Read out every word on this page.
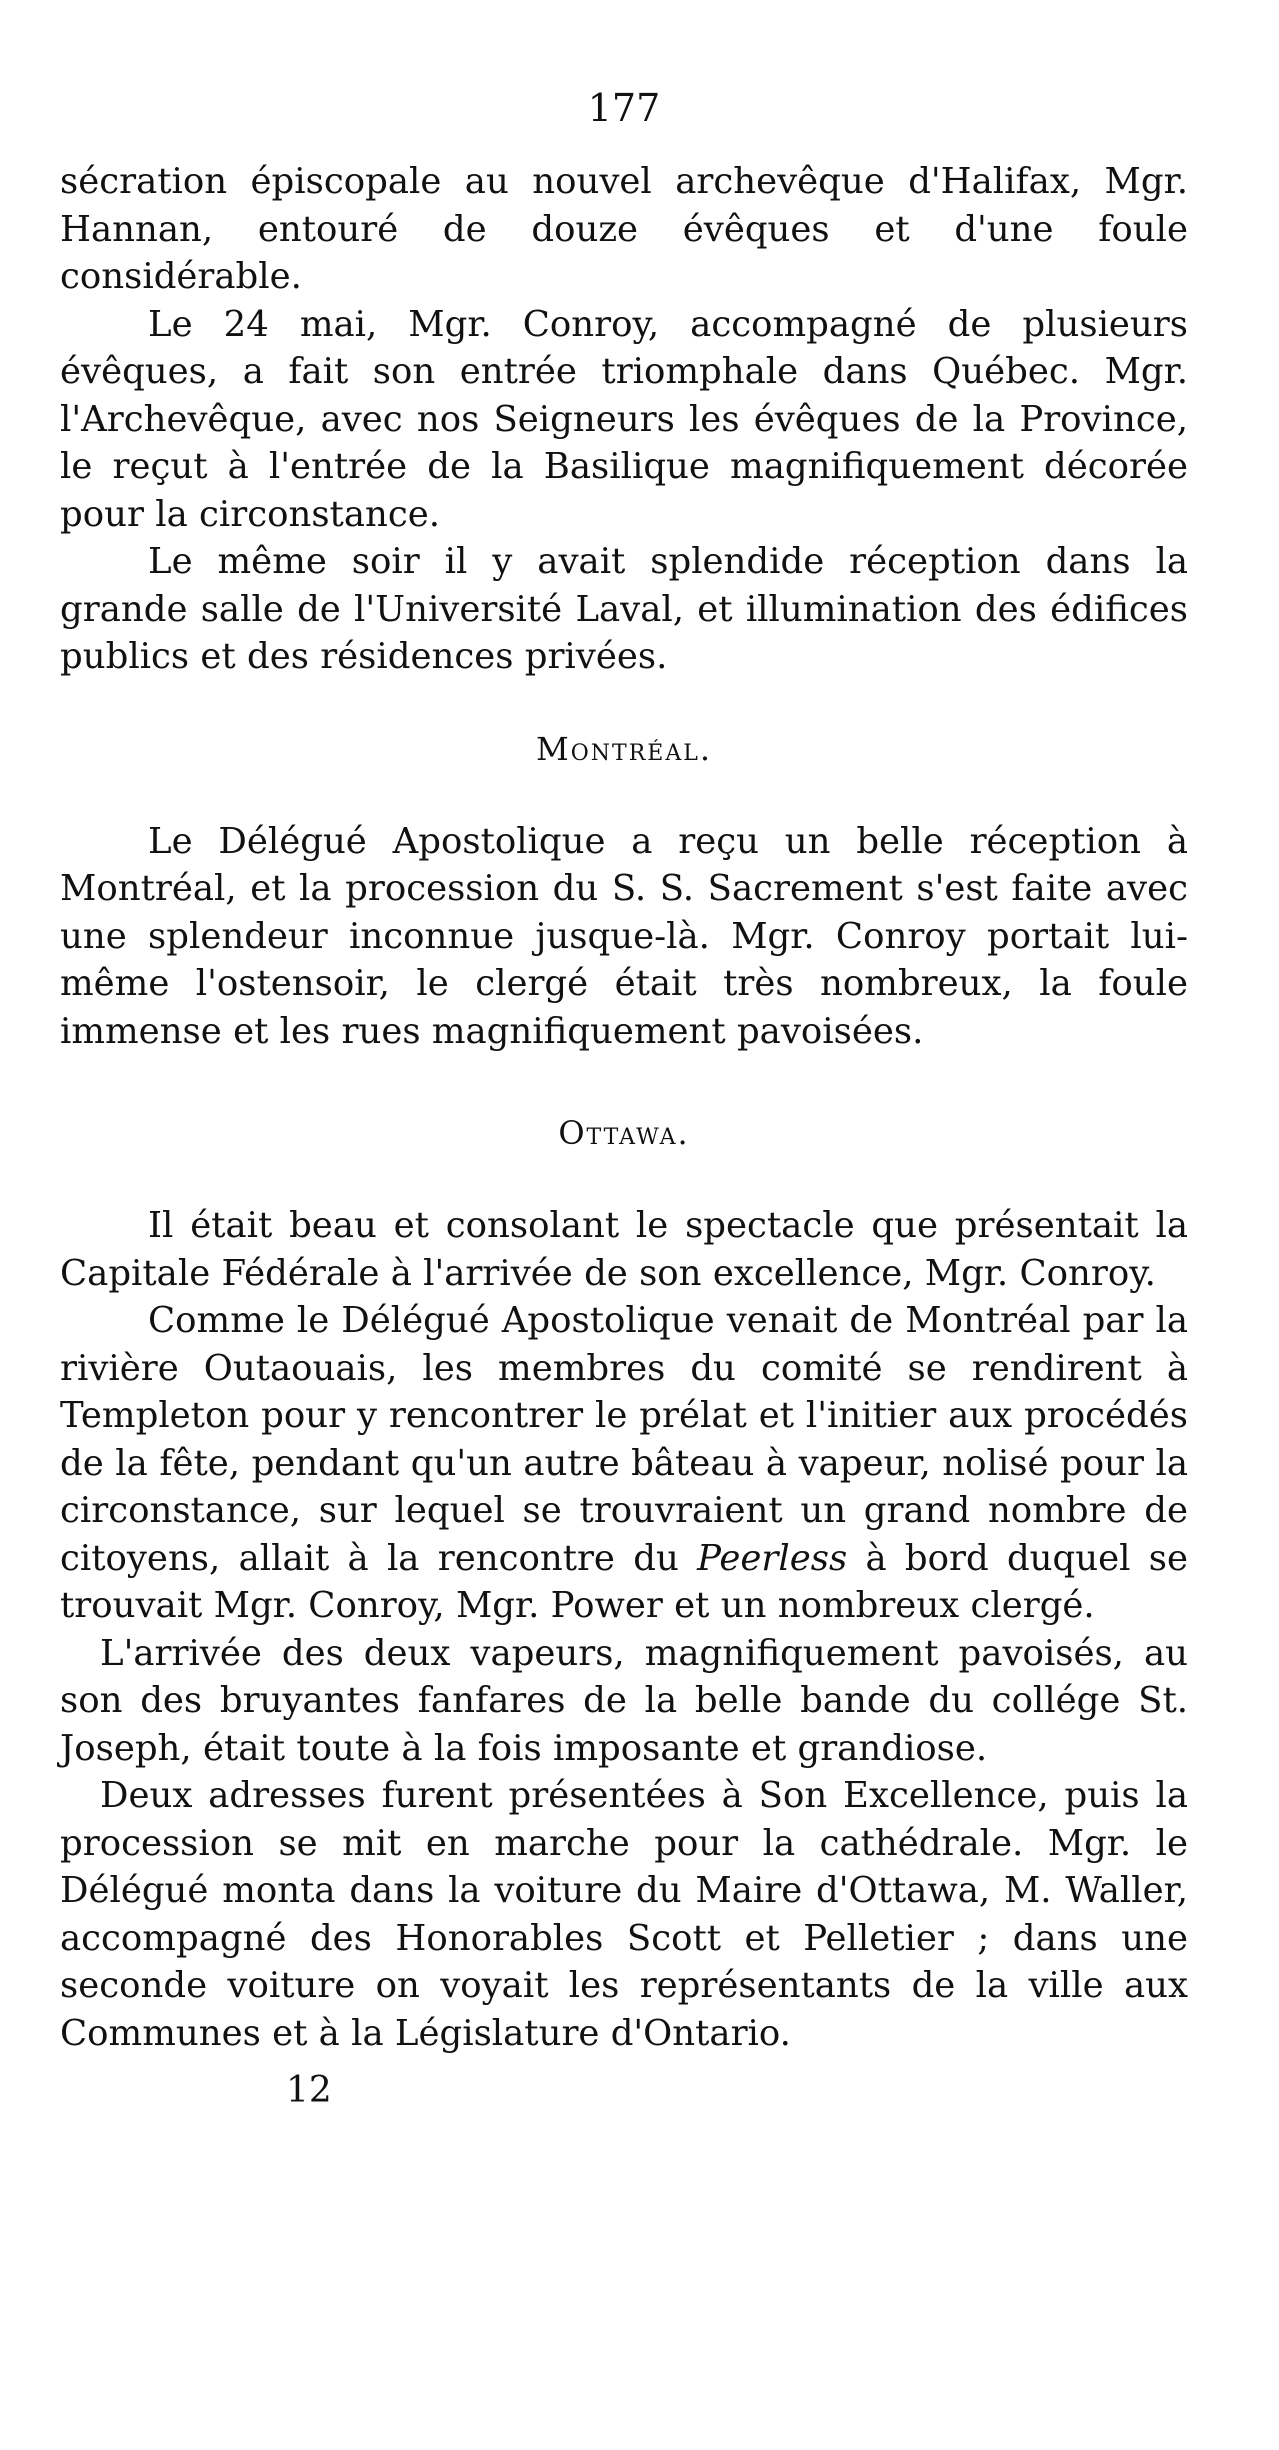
177

sécration épiscopale au nouvel archevêque d'Halifax, Mgr. Hannan, entouré de douze évêques et d'une foule considérable.

Le 24 mai, Mgr. Conroy, accompagné de plusieurs évêques, a fait son entrée triomphale dans Québec. Mgr. l'Archevêque, avec nos Seigneurs les évêques de la Province, le reçut à l'entrée de la Basilique magnifiquement décorée pour la circonstance.

Le même soir il y avait splendide réception dans la grande salle de l'Université Laval, et illumination des édifices publics et des résidences privées.

Montréal.

Le Délégué Apostolique a reçu un belle réception à Montréal, et la procession du S. S. Sacrement s'est faite avec une splendeur inconnue jusque-là. Mgr. Conroy portait lui-même l'ostensoir, le clergé était très nombreux, la foule immense et les rues magnifiquement pavoisées.

Ottawa.

Il était beau et consolant le spectacle que présentait la Capitale Fédérale à l'arrivée de son excellence, Mgr. Conroy.

Comme le Délégué Apostolique venait de Montréal par la rivière Outaouais, les membres du comité se rendirent à Templeton pour y rencontrer le prélat et l'initier aux procédés de la fête, pendant qu'un autre bâteau à vapeur, nolisé pour la circonstance, sur lequel se trouvraient un grand nombre de citoyens, allait à la rencontre du Peerless à bord duquel se trouvait Mgr. Conroy, Mgr. Power et un nombreux clergé.

L'arrivée des deux vapeurs, magnifiquement pavoisés, au son des bruyantes fanfares de la belle bande du collége St. Joseph, était toute à la fois imposante et grandiose.

Deux adresses furent présentées à Son Excellence, puis la procession se mit en marche pour la cathédrale. Mgr. le Délégué monta dans la voiture du Maire d'Ottawa, M. Waller, accompagné des Honorables Scott et Pelletier ; dans une seconde voiture on voyait les représentants de la ville aux Communes et à la Législature d'Ontario.

12
